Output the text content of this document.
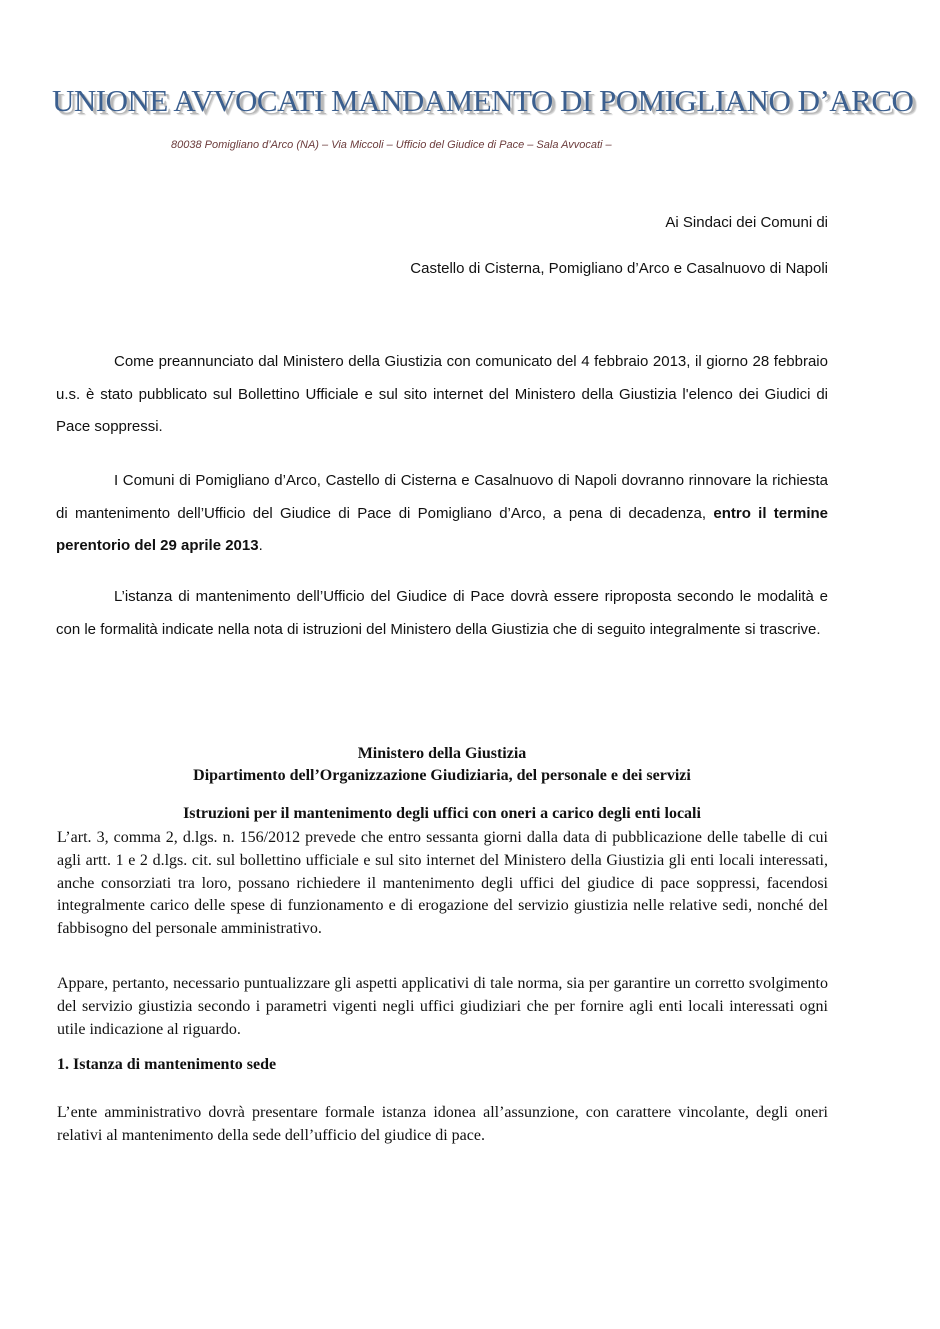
UNIONE AVVOCATI MANDAMENTO DI POMIGLIANO D’ARCO
80038 Pomigliano d’Arco (NA) – Via Miccoli – Ufficio del Giudice di Pace – Sala Avvocati –
Ai Sindaci dei Comuni di
Castello di Cisterna, Pomigliano d’Arco e Casalnuovo di Napoli
Come preannunciato dal Ministero della Giustizia con comunicato del 4 febbraio 2013, il giorno 28 febbraio u.s. è stato pubblicato sul Bollettino Ufficiale e sul sito internet del Ministero della Giustizia l'elenco dei Giudici di Pace soppressi.
I Comuni di Pomigliano d’Arco, Castello di Cisterna e Casalnuovo di Napoli dovranno rinnovare la richiesta di mantenimento dell’Ufficio del Giudice di Pace di Pomigliano d’Arco, a pena di decadenza, entro il termine perentorio del 29 aprile 2013.
L’istanza di mantenimento dell’Ufficio del Giudice di Pace dovrà essere riproposta secondo le modalità e con le formalità indicate nella nota di istruzioni del Ministero della Giustizia che di seguito integralmente si trascrive.
Ministero della Giustizia
Dipartimento dell’Organizzazione Giudiziaria, del personale e dei servizi
Istruzioni per il mantenimento degli uffici con oneri a carico degli enti locali
L’art. 3, comma 2, d.lgs. n. 156/2012 prevede che entro sessanta giorni dalla data di pubblicazione delle tabelle di cui agli artt. 1 e 2 d.lgs. cit. sul bollettino ufficiale e sul sito internet del Ministero della Giustizia gli enti locali interessati, anche consorziati tra loro, possano richiedere il mantenimento degli uffici del giudice di pace soppressi, facendosi integralmente carico delle spese di funzionamento e di erogazione del servizio giustizia nelle relative sedi, nonché del fabbisogno del personale amministrativo.
Appare, pertanto, necessario puntualizzare gli aspetti applicativi di tale norma, sia per garantire un corretto svolgimento del servizio giustizia secondo i parametri vigenti negli uffici giudiziari che per fornire agli enti locali interessati ogni utile indicazione al riguardo.
1. Istanza di mantenimento sede
L’ente amministrativo dovrà presentare formale istanza idonea all’assunzione, con carattere vincolante, degli oneri relativi al mantenimento della sede dell’ufficio del giudice di pace.
